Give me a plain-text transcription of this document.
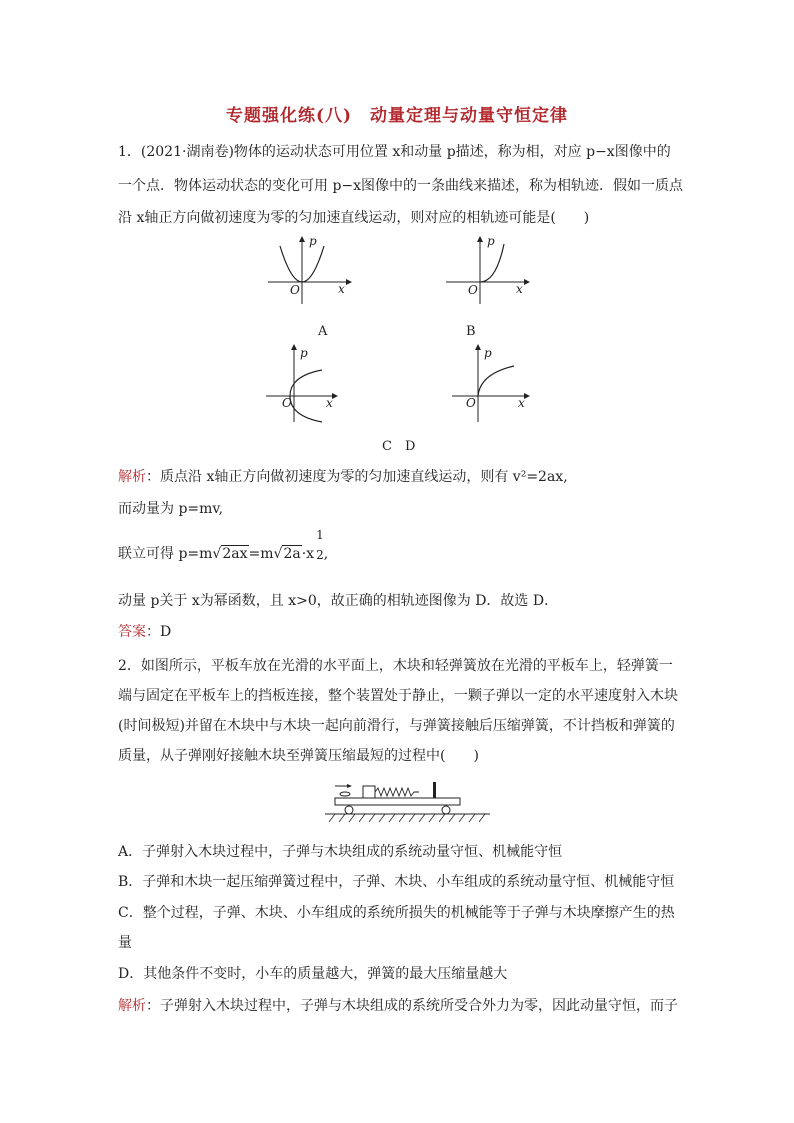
专题强化练(八)　动量定理与动量守恒定律
1．(2021·湖南卷)物体的运动状态可用位置 x和动量 p描述，称为相，对应 p−x图像中的
一个点．物体运动状态的变化可用 p−x图像中的一条曲线来描述，称为相轨迹．假如一质点
沿 x轴正方向做初速度为零的匀加速直线运动，则对应的相轨迹可能是(　　)
p
x
O
A
p
x
O
B
p
x
O
p
x
O
C　D
解析：质点沿 x轴正方向做初速度为零的匀加速直线运动，则有 v²=2ax,
而动量为 p=mv,
联立可得 p=m√2ax=m√2a·x
1
2 ,
动量 p关于 x为幂函数，且 x>0，故正确的相轨迹图像为 D．故选 D．
答案：D
2．如图所示，平板车放在光滑的水平面上，木块和轻弹簧放在光滑的平板车上，轻弹簧一
端与固定在平板车上的挡板连接，整个装置处于静止，一颗子弹以一定的水平速度射入木块
(时间极短)并留在木块中与木块一起向前滑行，与弹簧接触后压缩弹簧，不计挡板和弹簧的
质量，从子弹刚好接触木块至弹簧压缩最短的过程中(　　)
A．子弹射入木块过程中，子弹与木块组成的系统动量守恒、机械能守恒
B．子弹和木块一起压缩弹簧过程中，子弹、木块、小车组成的系统动量守恒、机械能守恒
C．整个过程，子弹、木块、小车组成的系统所损失的机械能等于子弹与木块摩擦产生的热
量
D．其他条件不变时，小车的质量越大，弹簧的最大压缩量越大
解析：子弹射入木块过程中，子弹与木块组成的系统所受合外力为零，因此动量守恒，而子
